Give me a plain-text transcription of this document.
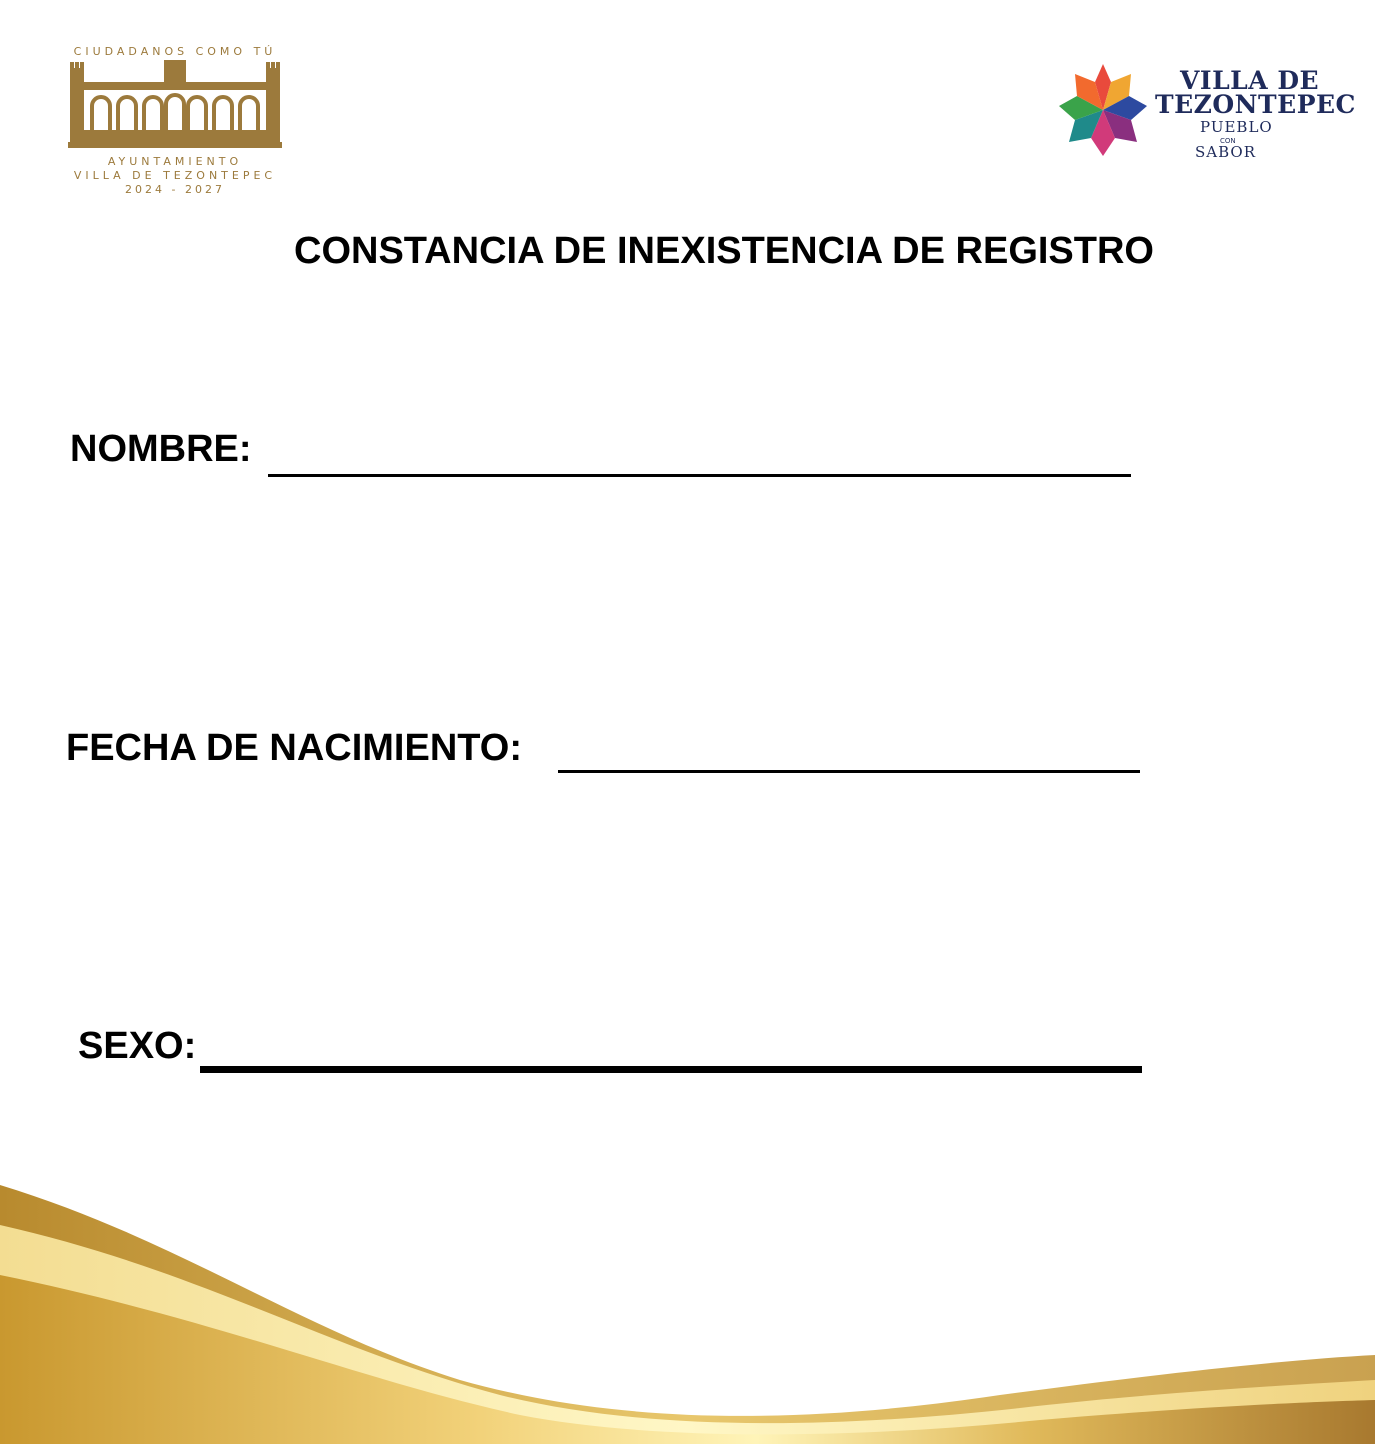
CIUDADANOS COMO TÚ
AYUNTAMIENTO
VILLA DE TEZONTEPEC
2024 - 2027
VILLA DE
TEZONTEPEC
PUEBLO
CON
SABOR
CONSTANCIA DE INEXISTENCIA DE REGISTRO
NOMBRE:
FECHA DE NACIMIENTO:
SEXO:
